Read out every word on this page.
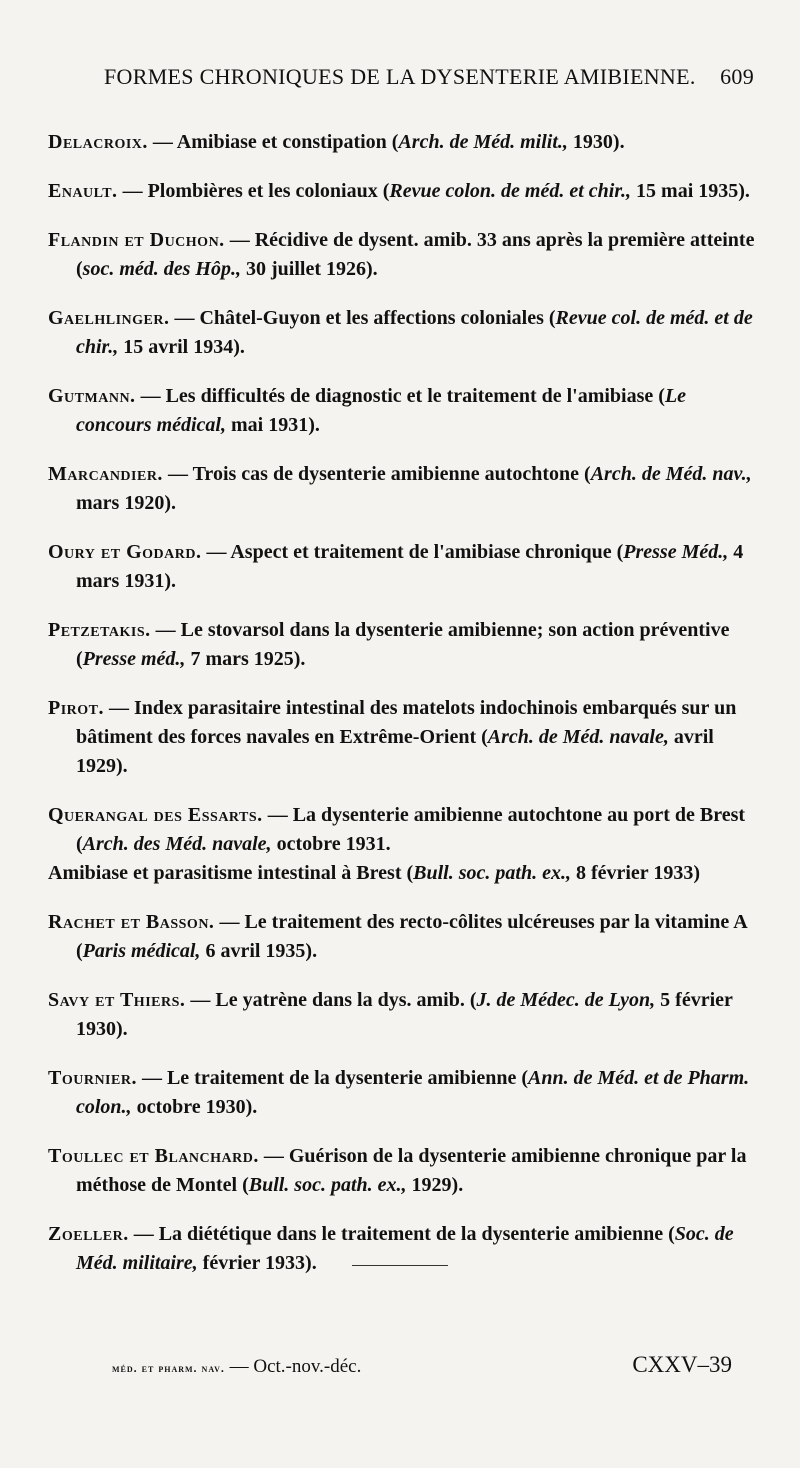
FORMES CHRONIQUES DE LA DYSENTERIE AMIBIENNE. 609

Delacroix. — Amibiase et constipation (Arch. de Méd. milit., 1930).

Enault. — Plombières et les coloniaux (Revue colon. de méd. et chir., 15 mai 1935).

Flandin et Duchon. — Récidive de dysent. amib. 33 ans après la première atteinte (soc. méd. des Hôp., 30 juillet 1926).

Gaelhlinger. — Châtel-Guyon et les affections coloniales (Revue col. de méd. et de chir., 15 avril 1934).

Gutmann. — Les difficultés de diagnostic et le traitement de l'amibiase (Le concours médical, mai 1931).

Marcandier. — Trois cas de dysenterie amibienne autochtone (Arch. de Méd. nav., mars 1920).

Oury et Godard. — Aspect et traitement de l'amibiase chronique (Presse Méd., 4 mars 1931).

Petzetakis. — Le stovarsol dans la dysenterie amibienne; son action préventive (Presse méd., 7 mars 1925).

Pirot. — Index parasitaire intestinal des matelots indochinois embarqués sur un bâtiment des forces navales en Extrême-Orient (Arch. de Méd. navale, avril 1929).

Querangal des Essarts. — La dysenterie amibienne autochtone au port de Brest (Arch. des Méd. navale, octobre 1931.
Amibiase et parasitisme intestinal à Brest (Bull. soc. path. ex., 8 février 1933)

Rachet et Basson. — Le traitement des recto-côlites ulcéreuses par la vitamine A (Paris médical, 6 avril 1935).

Savy et Thiers. — Le yatrène dans la dys. amib. (J. de Médec. de Lyon, 5 février 1930).

Tournier. — Le traitement de la dysenterie amibienne (Ann. de Méd. et de Pharm. colon., octobre 1930).

Toullec et Blanchard. — Guérison de la dysenterie amibienne chronique par la méthose de Montel (Bull. soc. path. ex., 1929).

Zoeller. — La diététique dans le traitement de la dysenterie amibienne (Soc. de Méd. militaire, février 1933).

méd. et pharm. nav. — Oct.-nov.-déc.	CXXV–39
